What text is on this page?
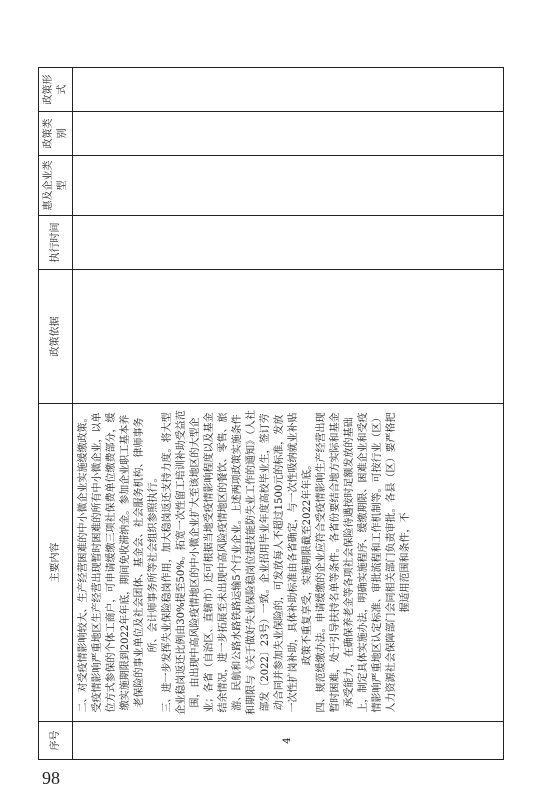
序号	主要内容	政策依据	执行时间	惠及企业类型	政策类别	政策形式

4	二、对受疫情影响较大、生产经营困难的中小微企业实施缓缴政策。受疫情影响严重地区生产经营出现暂时困难的所有中小微企业，以单位方式参保的个体工商户，可申请缓缴三项社保费单位缴费部分，缓缴实施期限到2022年年底，期间免收滞纳金。参加企业职工基本养老保险的事业单位及社会团体、基金会、社会服务机构、律师事务所、会计师事务所等社会组织参照执行。 三、进一步发挥失业保险稳岗作用，加大稳岗返还支持力度。将大型企业稳岗返还比例由30%提至50%。拓宽一次性留工培训补助受益范围，由出现中高风险疫情地区的中小微企业扩大至该地区的大型企业；各省（自治区、直辖市）还可根据当地受疫情影响程度以及基金结余情况，进一步拓展至未出现中高风险疫情地区的餐饮、零售、旅游、民航和公路水路铁路运输5个行业企业。上述两项政策实施条件和期限与《关于做好失业保险稳岗位提技能防失业工作的通知》（人社部发〔2022〕23号）一致。企业招用毕业年度高校毕业生，签订劳动合同并参加失业保险的，可发放每人不超过1500元的标准，发放一次性扩岗补助，具体补助标准由各省确定，与一次性吸纳就业补贴政策不重复享受，实施期限截至2022年年底。 四、规范缓缴办法。申请缓缴的企业应符合受疫情影响生产经营出现暂时困难，处于引导扶持名单等条件。各省份要结合地方实际和基金承受能力，在确保养老金等各项社会保险待遇按时足额发放的基础上，制定具体实施办法，明确实施程序、缓缴期限、困难企业和受疫情影响严重地区认定标准、审批流程和工作机制等。可按行业（区）人力资源社会保障部门会同相关部门负责审批。各县（区）要严格把握适用范围和条件，不					

98
